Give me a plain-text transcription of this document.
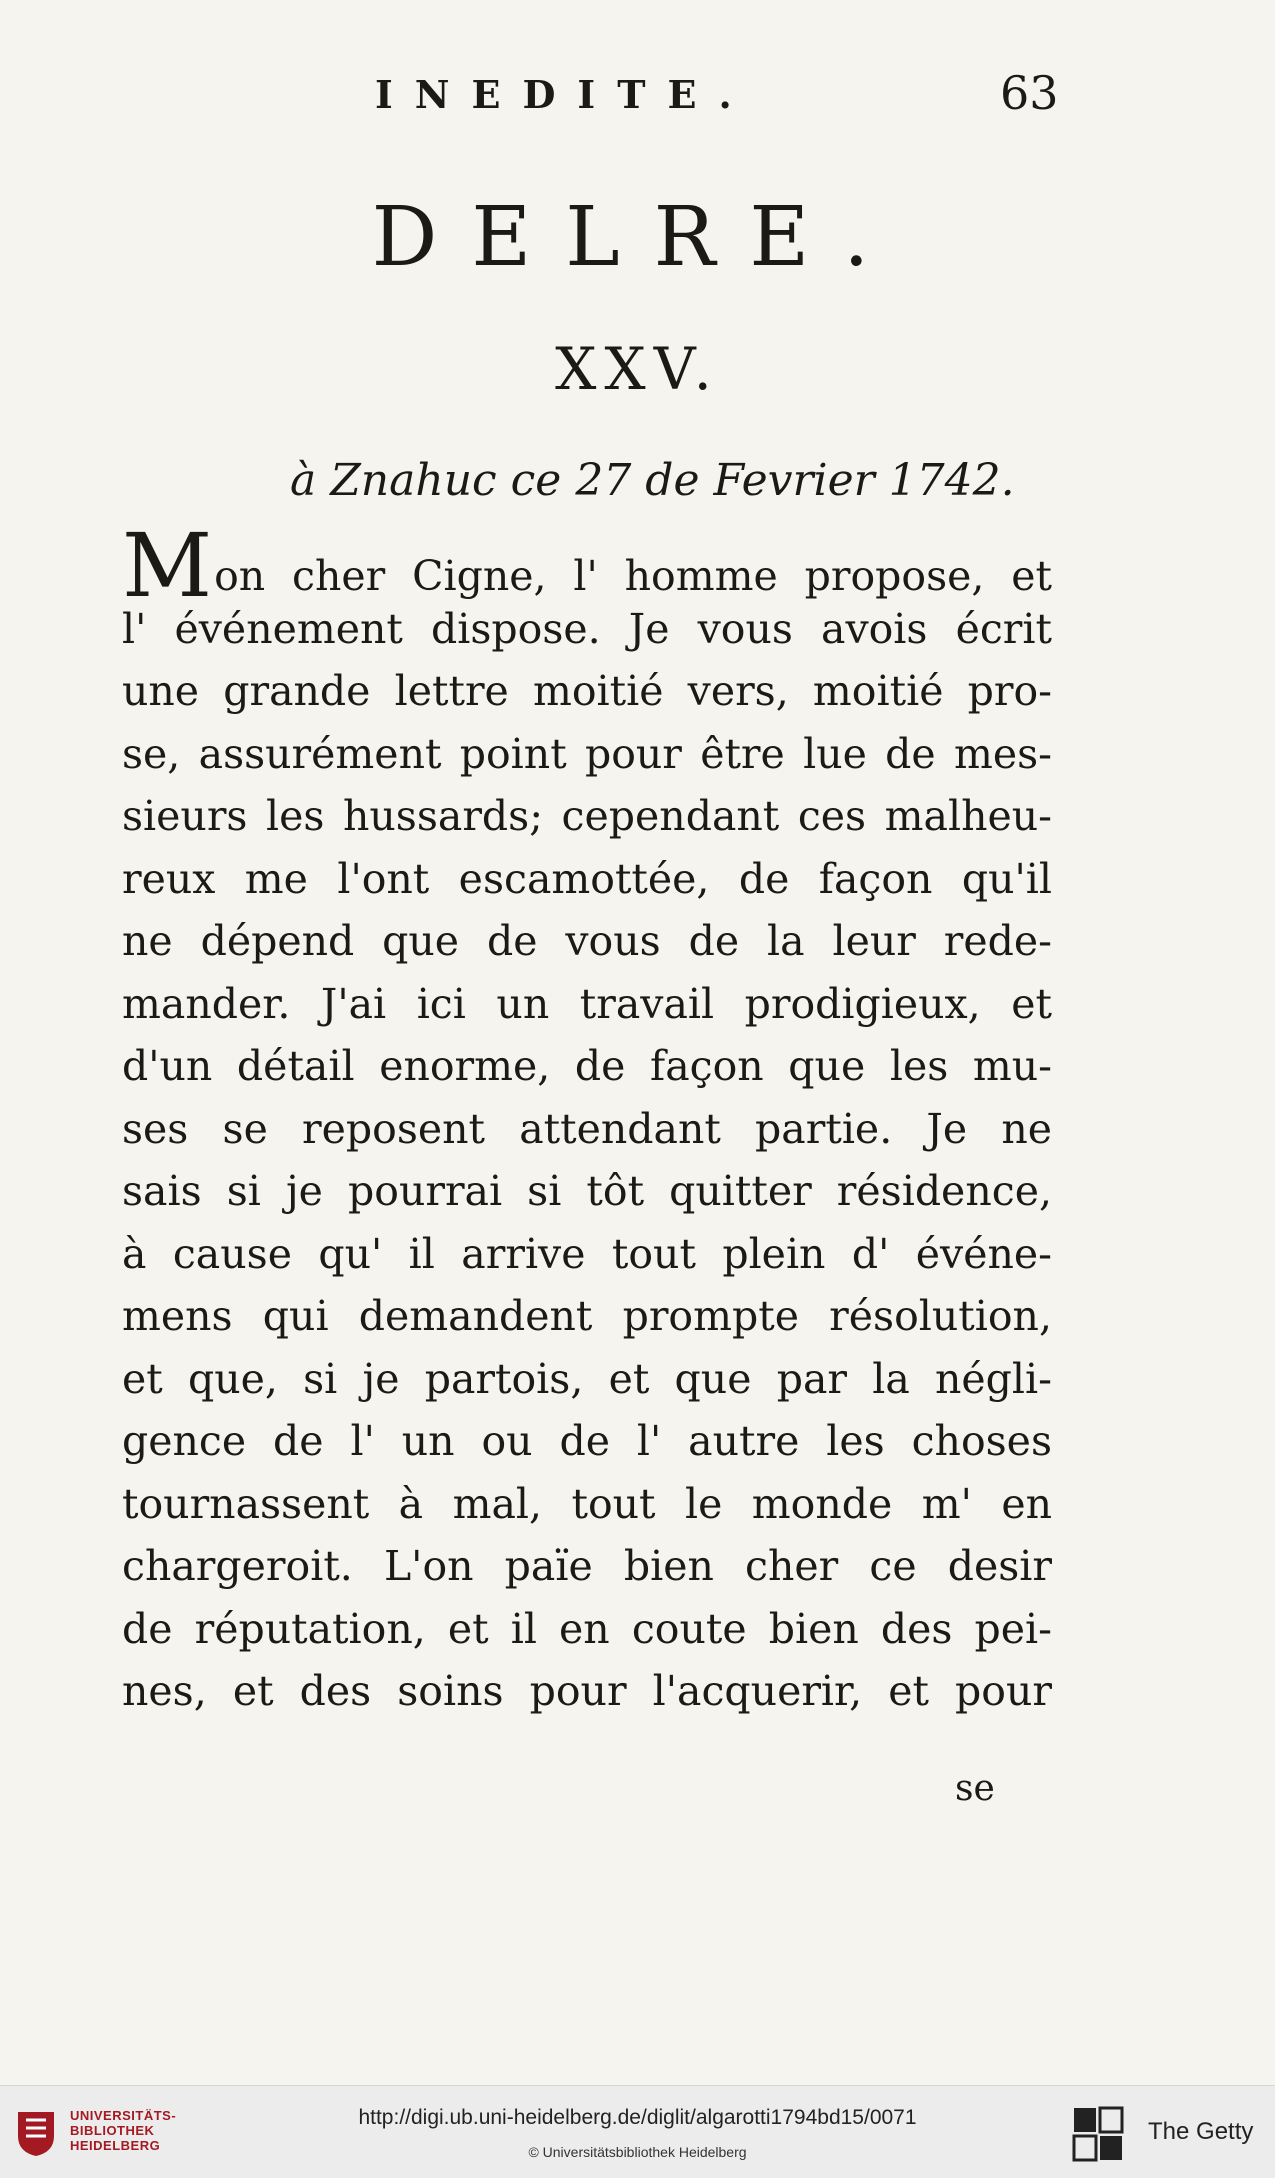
INEDITE.	63
DELRE.
XXV.
à Znahuc ce 27 de Fevrier 1742.
Mon cher Cigne, l' homme propose, et
l' événement dispose. Je vous avois écrit
une grande lettre moitié vers, moitié pro-
se, assurément point pour être lue de mes-
sieurs les hussards; cependant ces malheu-
reux me l'ont escamottée, de façon qu'il
ne dépend que de vous de la leur rede-
mander. J'ai ici un travail prodigieux, et
d'un détail enorme, de façon que les mu-
ses se reposent attendant partie. Je ne
sais si je pourrai si tôt quitter résidence,
à cause qu' il arrive tout plein d' événe-
mens qui demandent prompte résolution,
et que, si je partois, et que par la négli-
gence de l' un ou de l' autre les choses
tournassent à mal, tout le monde m' en
chargeroit. L'on païe bien cher ce desir
de réputation, et il en coute bien des pei-
nes, et des soins pour l'acquerir, et pour
se
UNIVERSITÄTS-
BIBLIOTHEK
HEIDELBERG
http://digi.ub.uni-heidelberg.de/diglit/algarotti1794bd15/0071
© Universitätsbibliothek Heidelberg
The Getty
